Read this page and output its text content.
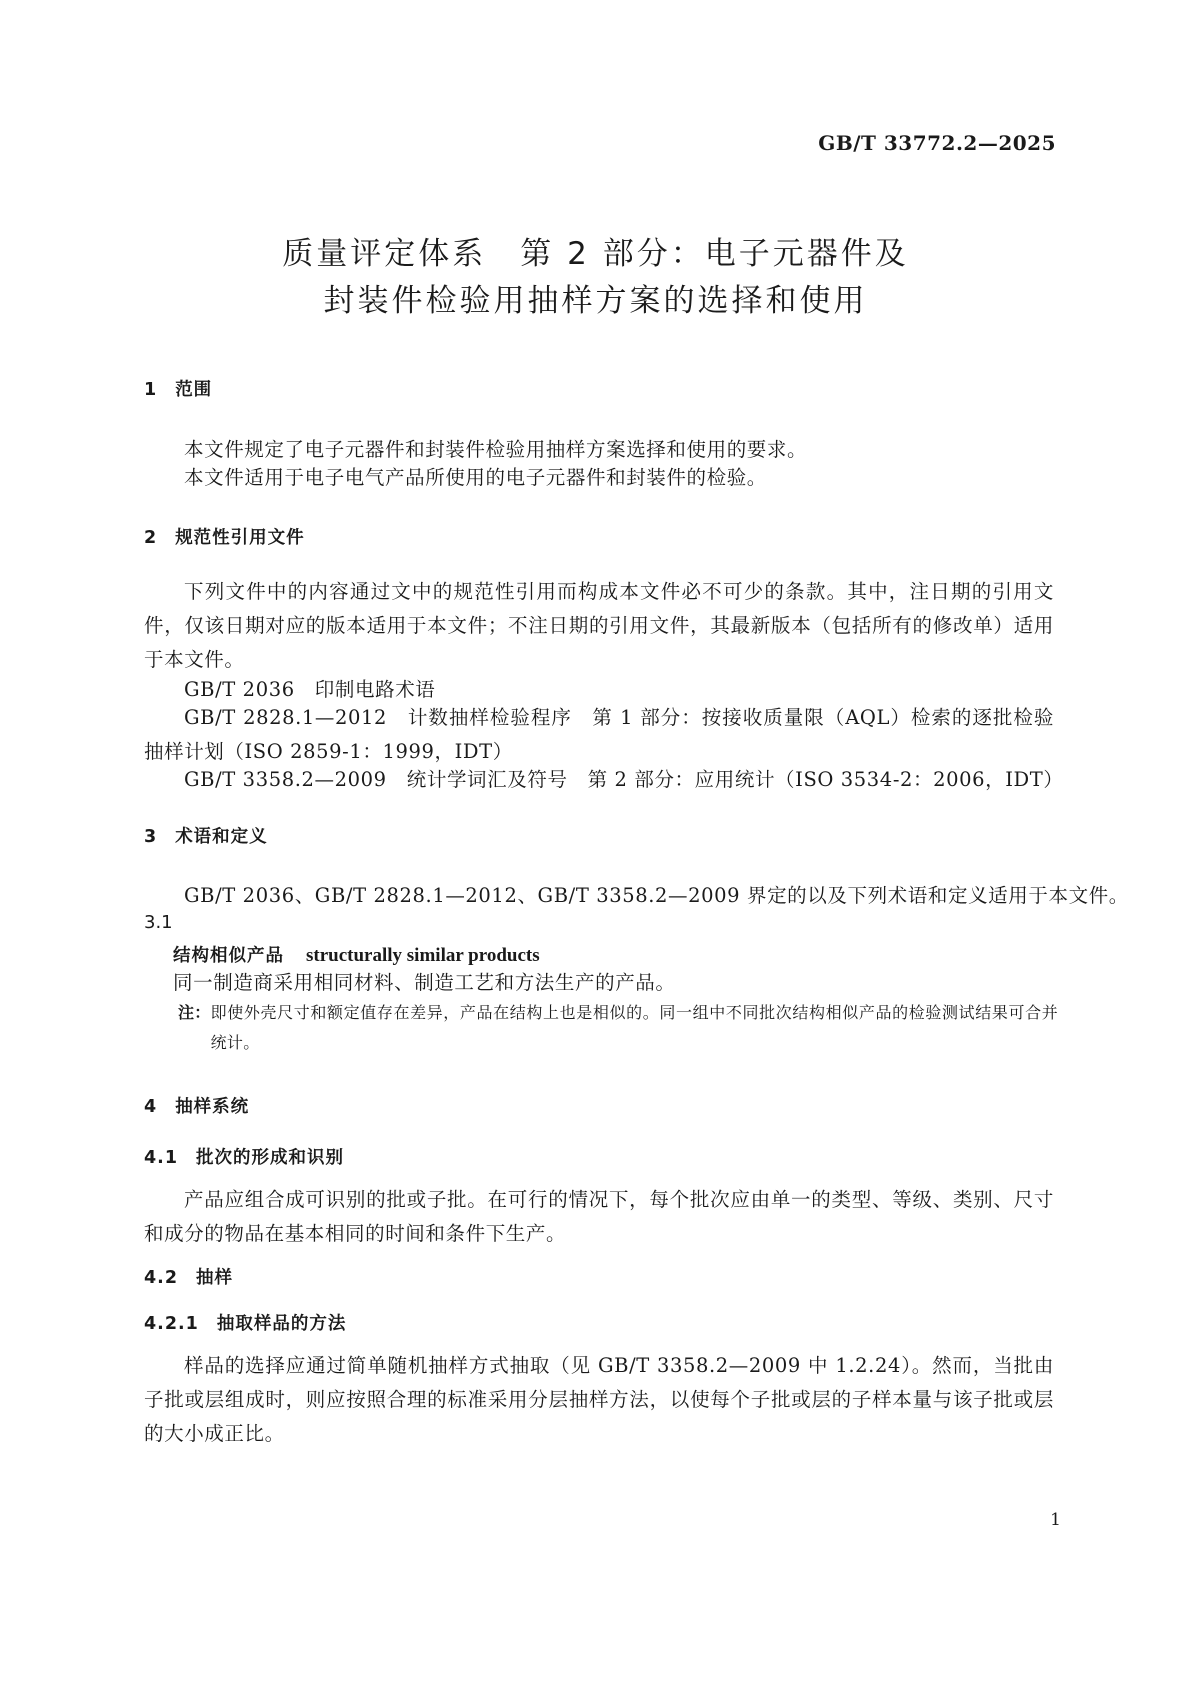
GB/T 33772.2—2025
质量评定体系　第 2 部分：电子元器件及
封装件检验用抽样方案的选择和使用
1 范围
本文件规定了电子元器件和封装件检验用抽样方案选择和使用的要求。
本文件适用于电子电气产品所使用的电子元器件和封装件的检验。
2 规范性引用文件

下列文件中的内容通过文中的规范性引用而构成本文件必不可少的条款。其中，注日期的引用文件，仅该日期对应的版本适用于本文件；不注日期的引用文件，其最新版本（包括所有的修改单）适用于本文件。

GB/T 2036　印制电路术语

GB/T 2828.1—2012　计数抽样检验程序　第 1 部分：按接收质量限（AQL）检索的逐批检验抽样计划（ISO 2859-1：1999，IDT）

GB/T 3358.2—2009　统计学词汇及符号　第 2 部分：应用统计（ISO 3534-2：2006，IDT）
3 术语和定义
GB/T 2036、GB/T 2828.1—2012、GB/T 3358.2—2009 界定的以及下列术语和定义适用于本文件。
3.1
结构相似产品 structurally similar products
同一制造商采用相同材料、制造工艺和方法生产的产品。
注： 即使外壳尺寸和额定值存在差异，产品在结构上也是相似的。同一组中不同批次结构相似产品的检验测试结果可合并统计。
4 抽样系统
4.1 批次的形成和识别

产品应组合成可识别的批或子批。在可行的情况下，每个批次应由单一的类型、等级、类别、尺寸和成分的物品在基本相同的时间和条件下生产。

4.2 抽样
4.2.1 抽取样品的方法

样品的选择应通过简单随机抽样方式抽取（见 GB/T 3358.2—2009 中 1.2.24）。然而，当批由子批或层组成时，则应按照合理的标准采用分层抽样方法，以使每个子批或层的子样本量与该子批或层的大小成正比。

1
